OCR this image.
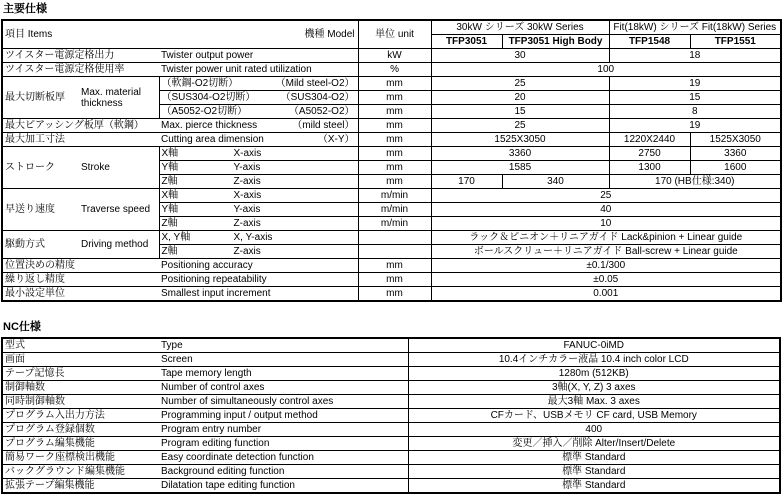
主要仕様
項目 Items 機種 Model		単位 unit	30kW シリーズ 30kW Series		Fit(18kW) シリーズ Fit(18kW) Series	
			TFP3051	TFP3051 High Body	TFP1548	TFP1551
ツイスター電源定格出力 Twister output power		kW	30		18	
ツイスター電源定格使用率 Twister power unit rated utilization		%	100			
最大切断板厚 Max. material thickness	（軟鋼-O2切断） （Mild steel-O2）	mm	25		19	
	（SUS304-O2切断） （SUS304-O2）	mm	20		15	
	（A5052-O2切断） （A5052-O2）	mm	15		8	
最大ピアッシング板厚（軟鋼） Max. pierce thickness （mild steel）		mm	25		19	
最大加工寸法 Cutting area dimension （X-Y）		mm	1525X3050		1220X2440	1525X3050
ストローク Stroke	X軸 X-axis	mm	3360		2750	3360
	Y軸 Y-axis	mm	1585		1300	1600
	Z軸 Z-axis	mm	170	340	170 (HB仕様:340)	
早送り速度 Traverse speed	X軸 X-axis	m/min	25			
	Y軸 Y-axis	m/min	40			
	Z軸 Z-axis	m/min	10			
駆動方式 Driving method	X, Y軸 X, Y-axis		ラック＆ピニオン＋リニアガイド Lack&pinion + Linear guide			
	Z軸 Z-axis		ボールスクリュー＋リニアガイド Ball-screw + Linear guide			
位置決めの精度 Positioning accuracy		mm	±0.1/300			
繰り返し精度 Positioning repeatability		mm	±0.05			
最小設定単位 Smallest input increment		mm	0.001			
NC仕様
型式 Type	FANUC-0iMD
画面 Screen	10.4インチカラー液晶 10.4 inch color LCD
テープ記憶長 Tape memory length	1280m (512KB)
制御軸数 Number of control axes	3軸(X, Y, Z) 3 axes
同時制御軸数 Number of simultaneously control axes	最大3軸 Max. 3 axes
プログラム入出力方法 Programming input / output method	CFカード、USBメモリ CF card, USB Memory
プログラム登録個数 Program entry number	400
プログラム編集機能 Program editing function	変更／挿入／削除 Alter/Insert/Delete
簡易ワーク座標検出機能 Easy coordinate detection function	標準 Standard
バックグラウンド編集機能 Background editing function	標準 Standard
拡張テープ編集機能 Dilatation tape editing function	標準 Standard
